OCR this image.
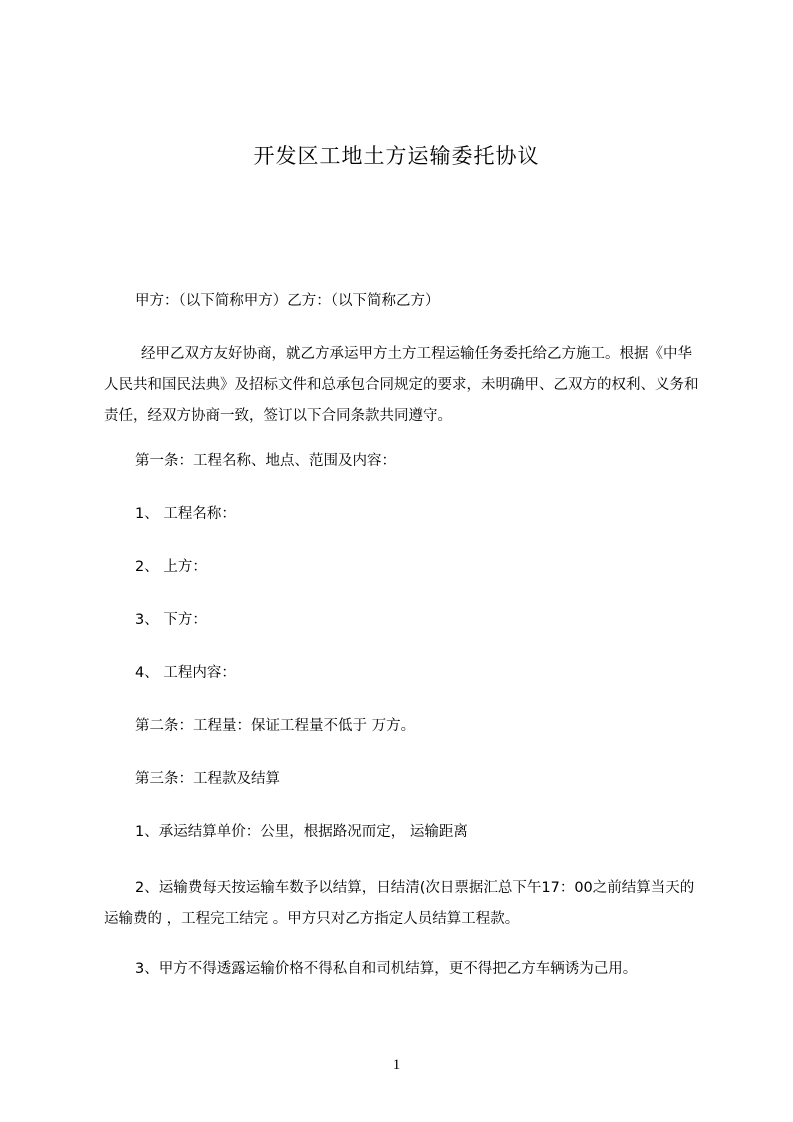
开发区工地土方运输委托协议
甲方：（以下简称甲方）乙方：（以下简称乙方）
经甲乙双方友好协商，就乙方承运甲方土方工程运输任务委托给乙方施工。根据《中华人民共和国民法典》及招标文件和总承包合同规定的要求，未明确甲、乙双方的权利、义务和责任，经双方协商一致，签订以下合同条款共同遵守。
第一条：工程名称、地点、范围及内容：
1、 工程名称：
2、 上方：
3、 下方：
4、 工程内容：
第二条：工程量：保证工程量不低于 万方。
第三条：工程款及结算
1、承运结算单价：公里，根据路况而定， 运输距离
2、运输费每天按运输车数予以结算，日结清(次日票据汇总下午17：00之前结算当天的运输费的 ，工程完工结完 。甲方只对乙方指定人员结算工程款。
3、甲方不得透露运输价格不得私自和司机结算，更不得把乙方车辆诱为己用。
1
